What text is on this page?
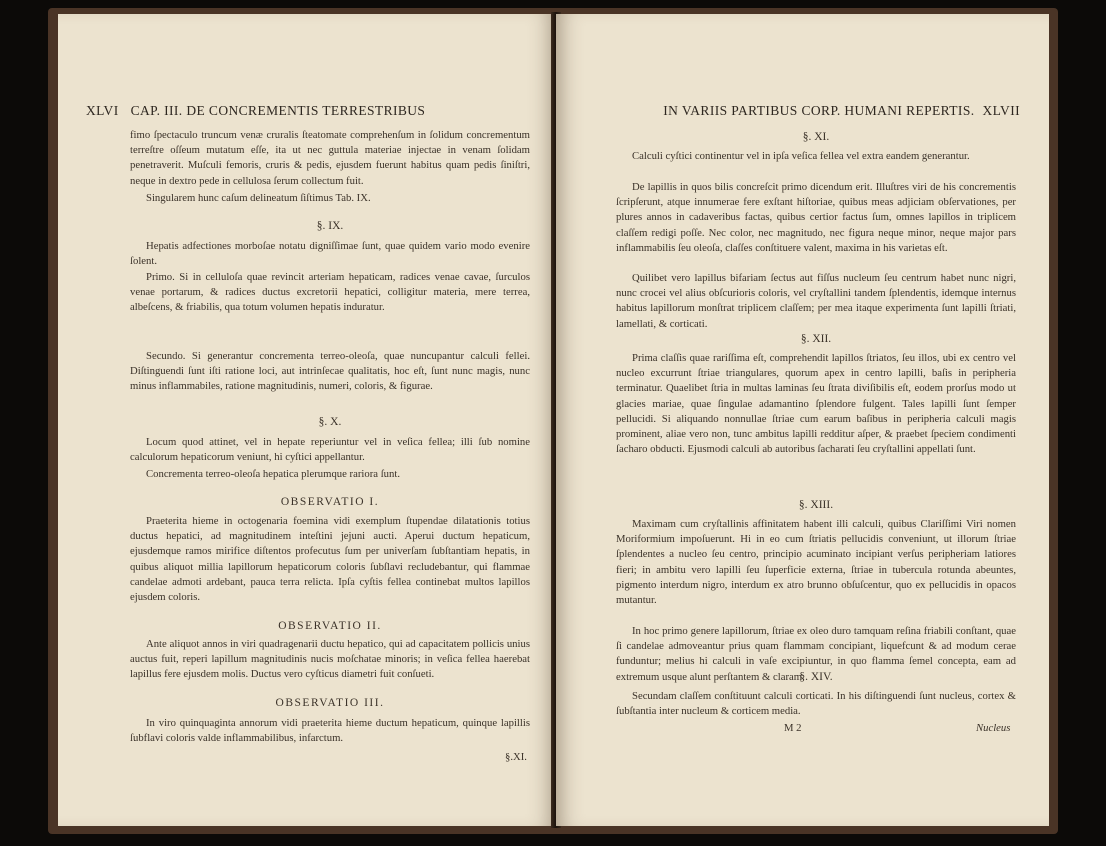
XLVI CAP. III. DE CONCREMENTIS TERRESTRIBUS

fimo ſpectaculo truncum venæ cruralis ſteatomate comprehenſum in ſolidum concrementum terreſtre oſſeum mutatum eſſe, ita ut nec guttula materiae injectae in venam ſolidam penetraverit. Muſculi femoris, cruris & pedis, ejusdem fuerunt habitus quam pedis ſiniſtri, neque in dextro pede in cellulosa ſerum collectum fuit.

Singularem hunc caſum delineatum ſiſtimus Tab. IX.

§. IX.

Hepatis adfectiones morboſae notatu digniſſimae ſunt, quae quidem vario modo evenire ſolent.

Primo. Si in celluloſa quae revincit arteriam hepaticam, radices venae cavae, ſurculos venae portarum, & radices ductus excretorii hepatici, colligitur materia, mere terrea, albeſcens, & friabilis, qua totum volumen hepatis induratur.

Secundo. Si generantur concrementa terreo-oleoſa, quae nuncupantur calculi fellei. Diſtinguendi ſunt iſti ratione loci, aut intrinſecae qualitatis, hoc eſt, ſunt nunc magis, nunc minus inflammabiles, ratione magnitudinis, numeri, coloris, & figurae.

§. X.

Locum quod attinet, vel in hepate reperiuntur vel in veſica fellea; illi ſub nomine calculorum hepaticorum veniunt, hi cyſtici appellantur.

Concrementa terreo-oleoſa hepatica plerumque rariora ſunt.

OBSERVATIO I.

Praeterita hieme in octogenaria foemina vidi exemplum ſtupendae dilatationis totius ductus hepatici, ad magnitudinem inteſtini jejuni aucti. Aperui ductum hepaticum, ejusdemque ramos mirifice diſtentos profecutus ſum per univerſam ſubſtantiam hepatis, in quibus aliquot millia lapillorum hepaticorum coloris ſubſlavi recludebantur, qui flammae candelae admoti ardebant, pauca terra relicta. Ipſa cyſtis fellea continebat multos lapillos ejusdem coloris.

OBSERVATIO II.

Ante aliquot annos in viri quadragenarii ductu hepatico, qui ad capacitatem pollicis unius auctus fuit, reperi lapillum magnitudinis nucis moſchatae minoris; in veſica fellea haerebat lapillus fere ejusdem molis. Ductus vero cyſticus diametri fuit conſueti.

OBSERVATIO III.

In viro quinquaginta annorum vidi praeterita hieme ductum hepaticum, quinque lapillis ſubflavi coloris valde inflammabilibus, infarctum.

§.XI.
IN VARIIS PARTIBUS CORP. HUMANI REPERTIS. XLVII

§. XI.

Calculi cyſtici continentur vel in ipſa veſica fellea vel extra eandem generantur.

De lapillis in quos bilis concreſcit primo dicendum erit. Illuſtres viri de his concrementis ſcripſerunt, atque innumerae fere exſtant hiſtoriae, quibus meas adjiciam obſervationes, per plures annos in cadaveribus factas, quibus certior factus ſum, omnes lapillos in triplicem claſſem redigi poſſe. Nec color, nec magnitudo, nec figura neque minor, neque major pars inflammabilis ſeu oleoſa, claſſes conſtituere valent, maxima in his varietas eſt.

Quilibet vero lapillus bifariam ſectus aut fiſſus nucleum ſeu centrum habet nunc nigri, nunc crocei vel alius obſcurioris coloris, vel cryſtallini tandem ſplendentis, idemque internus habitus lapillorum monſtrat triplicem claſſem; per mea itaque experimenta ſunt lapilli ſtriati, lamellati, & corticati.

§. XII.

Prima claſſis quae rariſſima eſt, comprehendit lapillos ſtriatos, ſeu illos, ubi ex centro vel nucleo excurrunt ſtriae triangulares, quorum apex in centro lapilli, baſis in peripheria terminatur. Quaelibet ſtria in multas laminas ſeu ſtrata diviſibilis eſt, eodem prorſus modo ut glacies mariae, quae ſingulae adamantino ſplendore fulgent. Tales lapilli ſunt ſemper pellucidi. Si aliquando nonnullae ſtriae cum earum baſibus in peripheria calculi magis prominent, aliae vero non, tunc ambitus lapilli redditur aſper, & praebet ſpeciem condimenti ſacharo obducti. Ejusmodi calculi ab autoribus ſacharati ſeu cryſtallini appellati ſunt.

§. XIII.

Maximam cum cryſtallinis affinitatem habent illi calculi, quibus Clariſſimi Viri nomen Moriformium impoſuerunt. Hi in eo cum ſtriatis pellucidis conveniunt, ut illorum ſtriae ſplendentes a nucleo ſeu centro, principio acuminato incipiant verſus peripheriam latiores fieri; in ambitu vero lapilli ſeu ſuperficie externa, ſtriae in tubercula rotunda abeuntes, pigmento interdum nigro, interdum ex atro brunno obſuſcentur, quo ex pellucidis in opacos mutantur.

In hoc primo genere lapillorum, ſtriae ex oleo duro tamquam reſina friabili conſtant, quae ſi candelae admoveantur prius quam flammam concipiant, liquefcunt & ad modum cerae funduntur; melius hi calculi in vaſe excipiuntur, in quo flamma ſemel concepta, eam ad extremum usque alunt perſtantem & claram.

§. XIV.

Secundam claſſem conſtituunt calculi corticati. In his diſtinguendi ſunt nucleus, cortex & ſubſtantia inter nucleum & corticem media.

M 2	Nucleus
